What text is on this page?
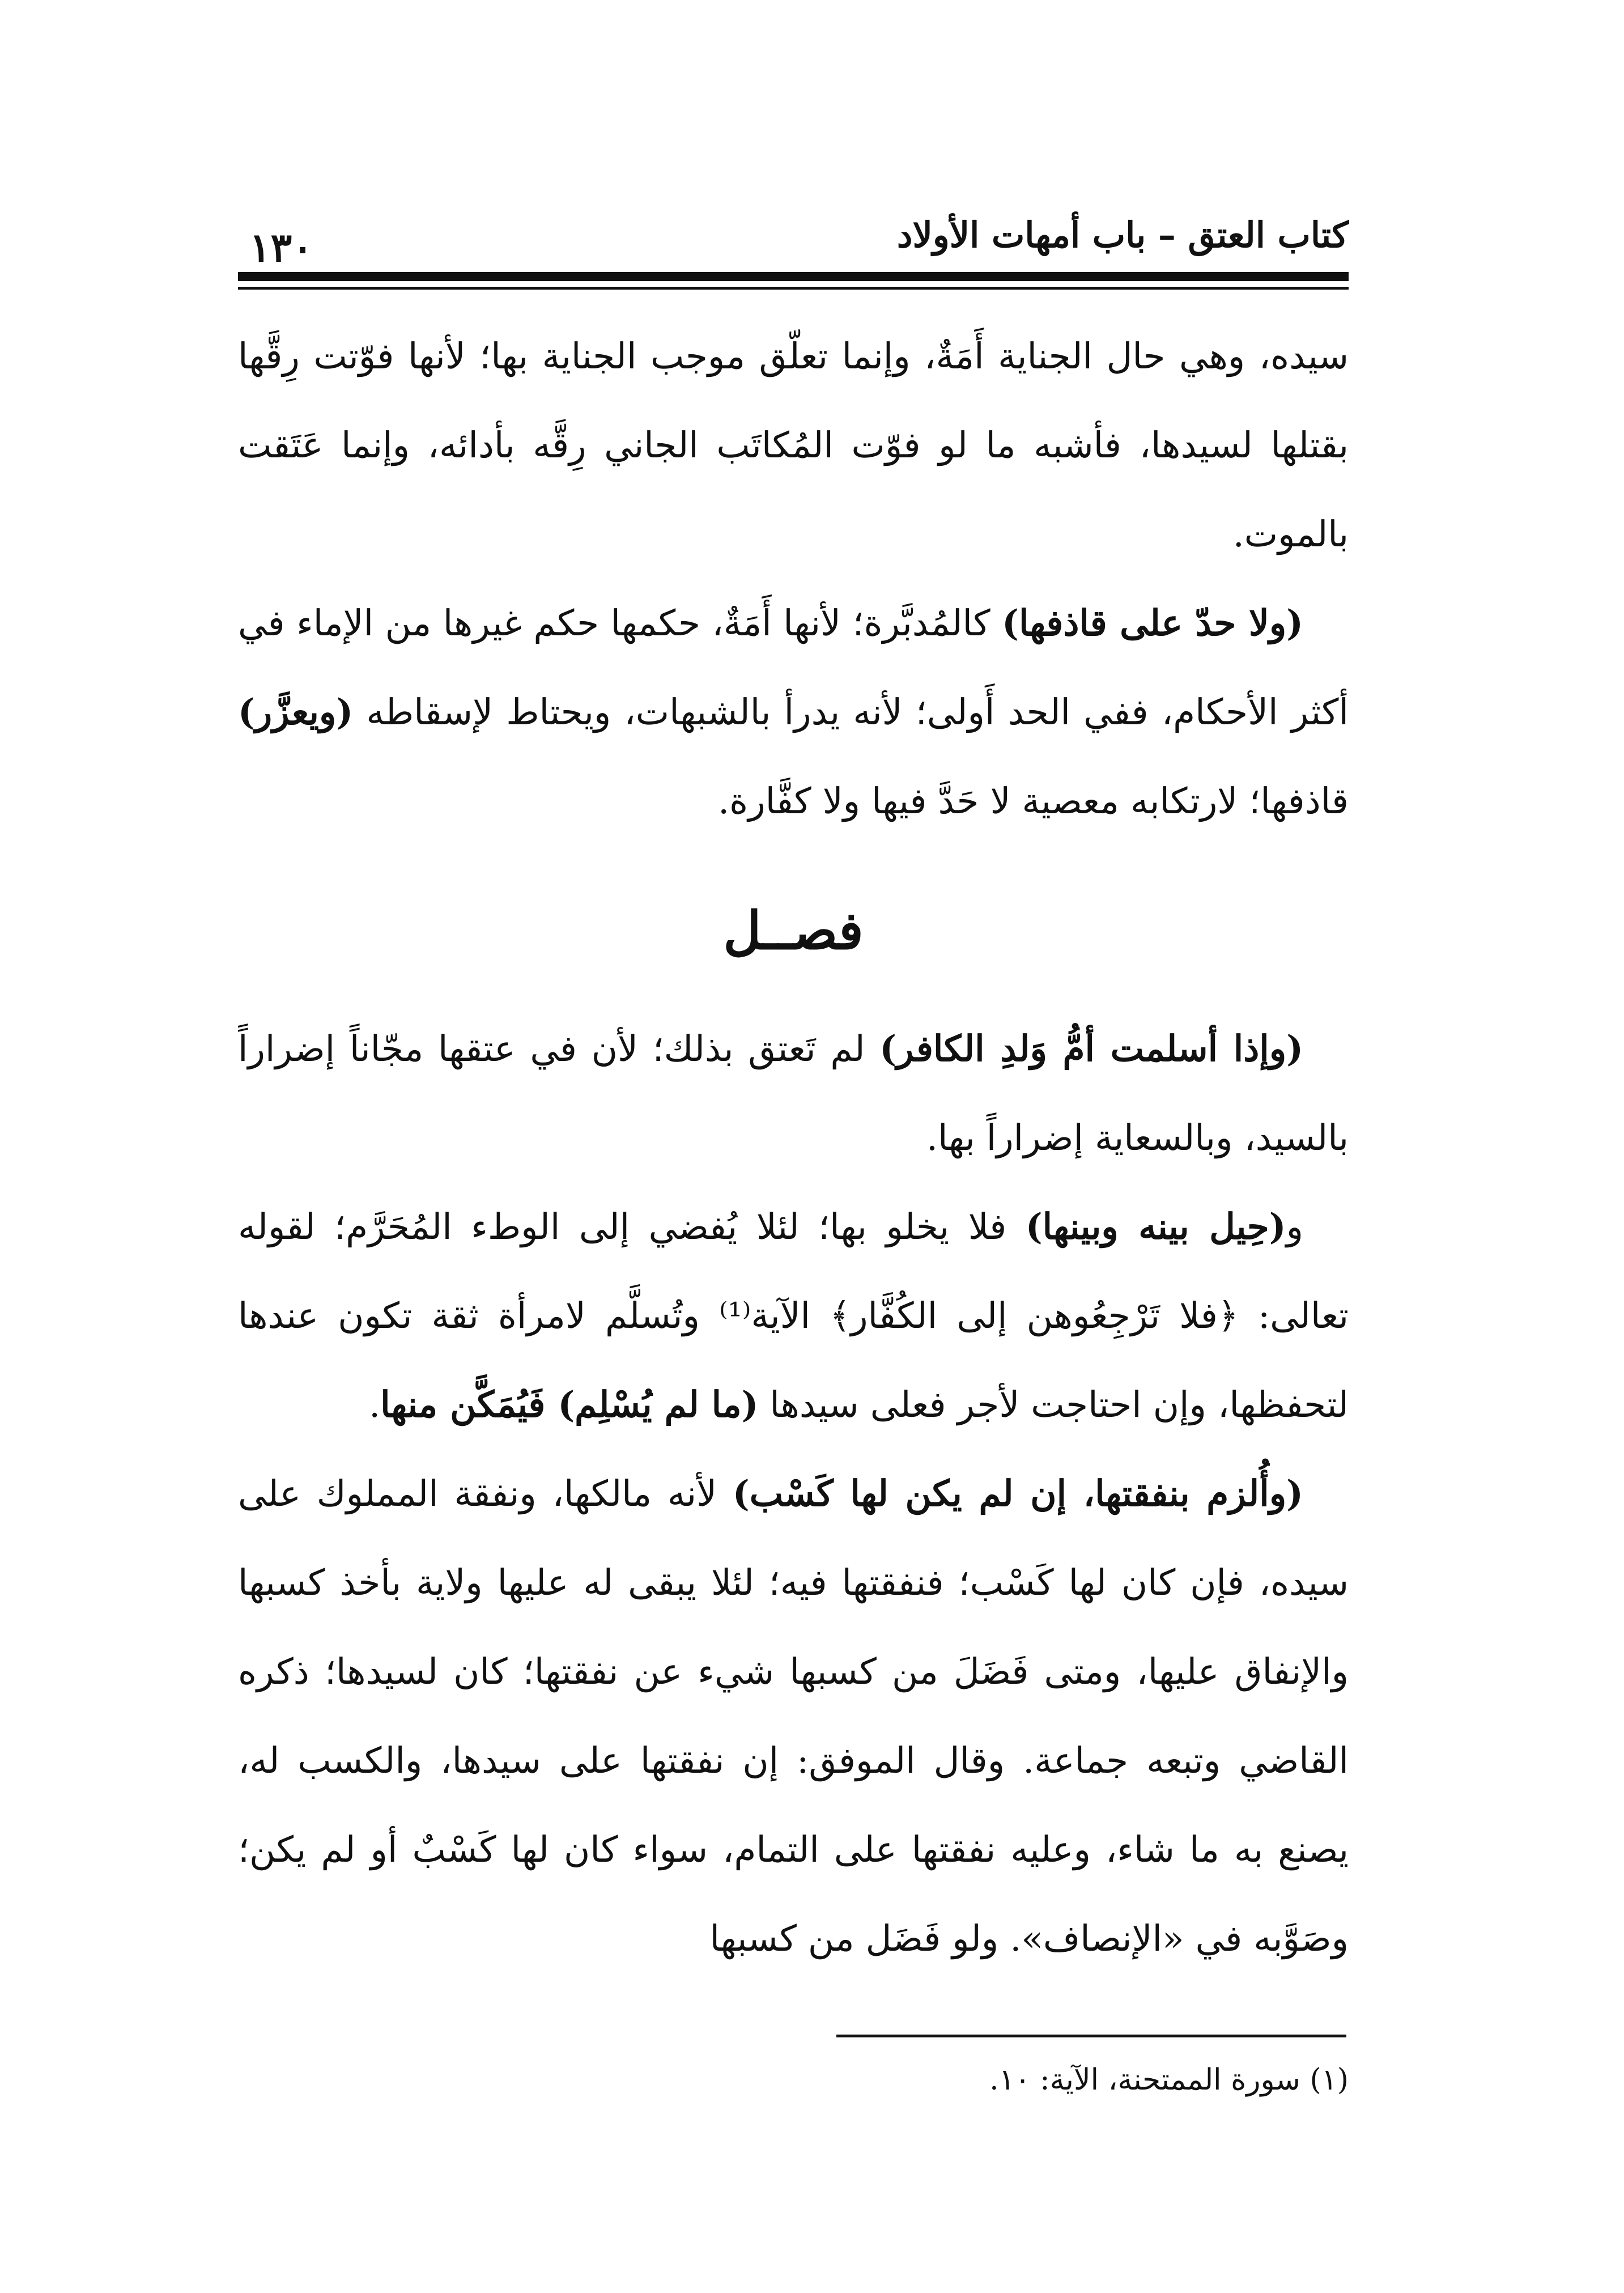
كتاب العتق – باب أمهات الأولاد
١٣٠

سيده، وهي حال الجناية أَمَةٌ، وإنما تعلّق موجب الجناية بها؛ لأنها فوّتت رِقَّها بقتلها لسيدها، فأشبه ما لو فوّت المُكاتَب الجاني رِقَّه بأدائه، وإنما عَتَقت بالموت.

(ولا حدّ على قاذفها) كالمُدبَّرة؛ لأنها أَمَةٌ، حكمها حكم غيرها من الإماء في أكثر الأحكام، ففي الحد أَولى؛ لأنه يدرأ بالشبهات، ويحتاط لإسقاطه (ويعزَّر) قاذفها؛ لارتكابه معصية لا حَدَّ فيها ولا كفَّارة.

فصــل

(وإذا أسلمت أمُّ وَلدِ الكافر) لم تَعتق بذلك؛ لأن في عتقها مجّاناً إضراراً بالسيد، وبالسعاية إضراراً بها.

و(حِيل بينه وبينها) فلا يخلو بها؛ لئلا يُفضي إلى الوطء المُحَرَّم؛ لقوله تعالى: ﴿فلا تَرْجِعُوهن إلى الكُفَّار﴾ الآية⁽¹⁾ وتُسلَّم لامرأة ثقة تكون عندها لتحفظها، وإن احتاجت لأجر فعلى سيدها (ما لم يُسْلِم) فَيُمَكَّن منها.

(وأُلزم بنفقتها، إن لم يكن لها كَسْب) لأنه مالكها، ونفقة المملوك على سيده، فإن كان لها كَسْب؛ فنفقتها فيه؛ لئلا يبقى له عليها ولاية بأخذ كسبها والإنفاق عليها، ومتى فَضَلَ من كسبها شيء عن نفقتها؛ كان لسيدها؛ ذكره القاضي وتبعه جماعة. وقال الموفق: إن نفقتها على سيدها، والكسب له، يصنع به ما شاء، وعليه نفقتها على التمام، سواء كان لها كَسْبٌ أو لم يكن؛ وصَوَّبه في «الإنصاف». ولو فَضَل من كسبها

(١) سورة الممتحنة، الآية: ١٠.
